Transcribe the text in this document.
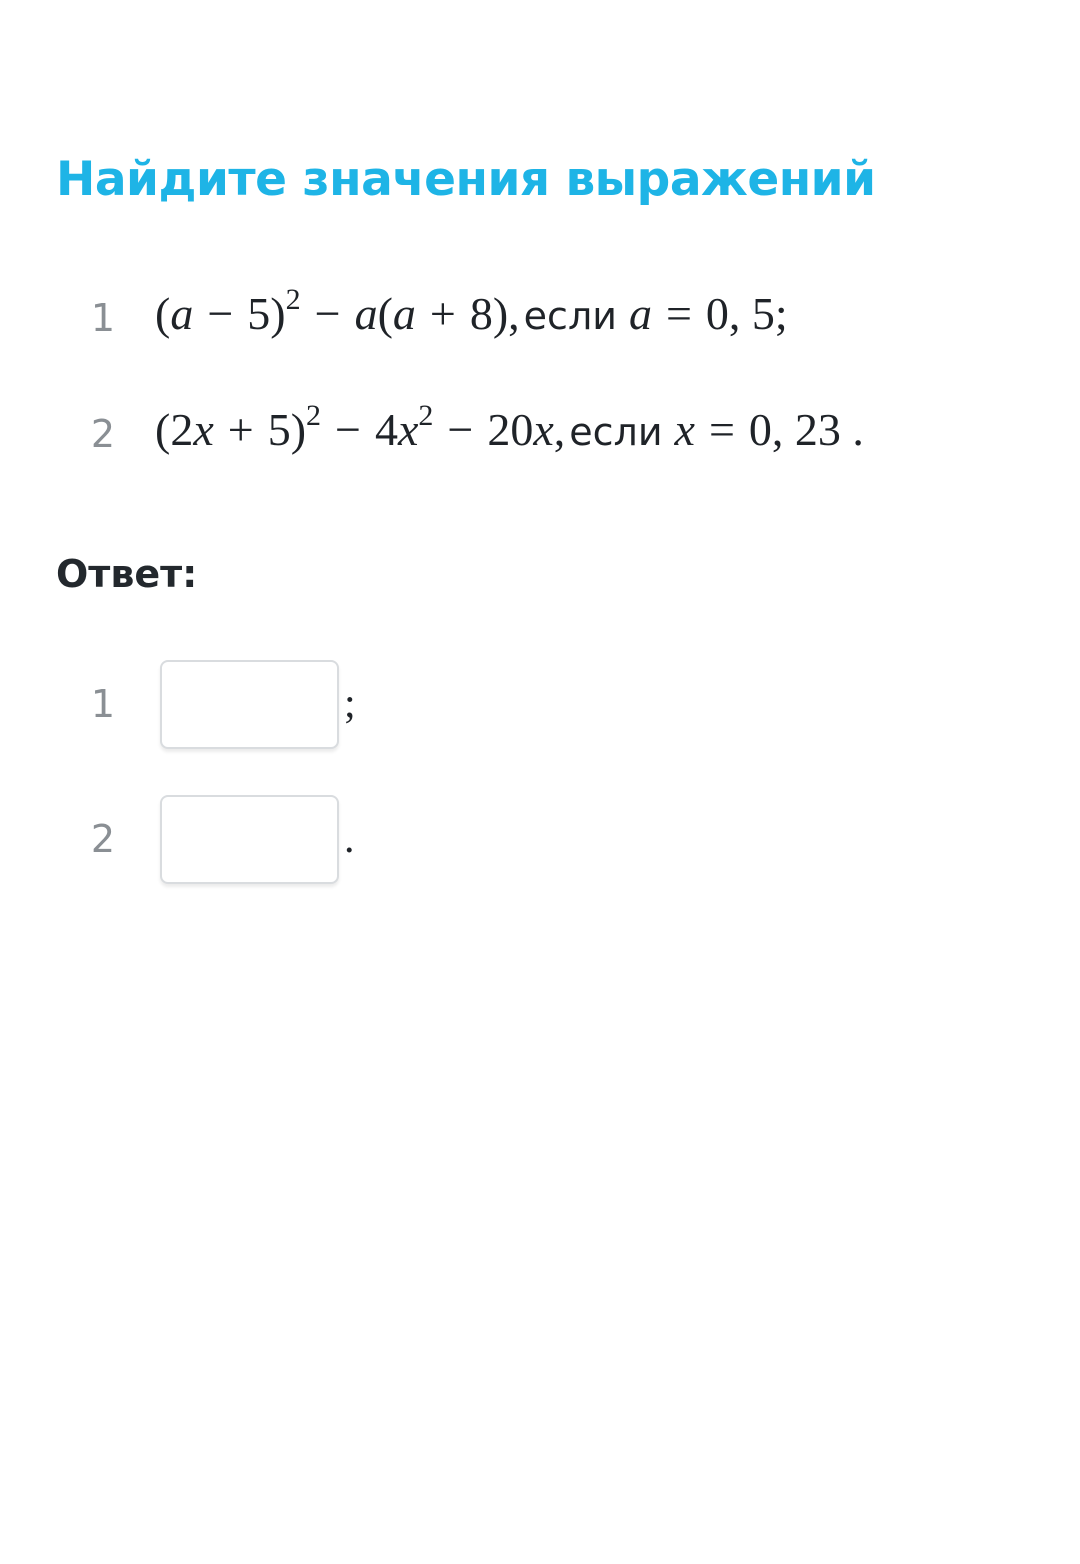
Найдите значения выражений
1 $(a - 5)^2 - a(a + 8)$, если a = 0, 5;
2 $(2x + 5)^2 - 4x^2 - 20x$, если x = 0, 23 .
Ответ:
1	;
2	.
